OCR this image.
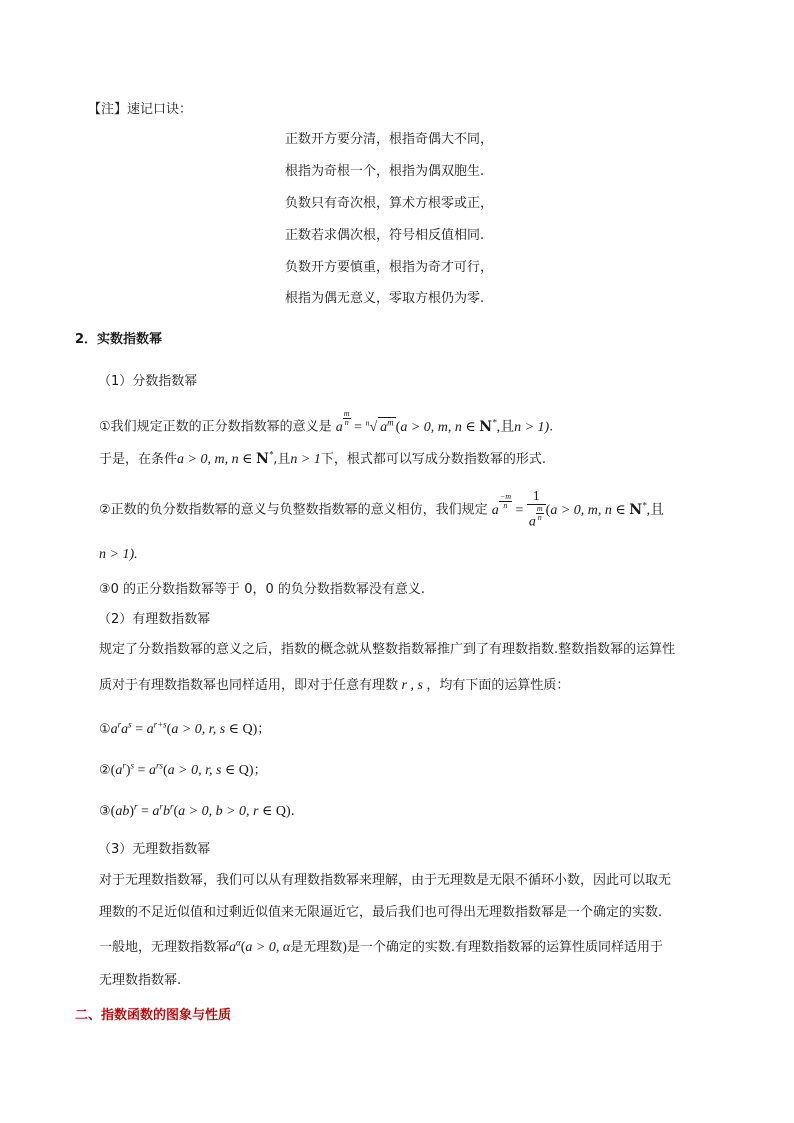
【注】速记口诀：
正数开方要分清，根指奇偶大不同，
根指为奇根一个，根指为偶双胞生.
负数只有奇次根，算术方根零或正，
正数若求偶次根，符号相反值相同.
负数开方要慎重，根指为奇才可行，
根指为偶无意义，零取方根仍为零.
2．实数指数幂
（1）分数指数幂
①我们规定正数的正分数指数幂的意义是 a
$\frac{m}{n}$
= $^n$√ $a^m$ (a > 0, m, n ∈ N*,且n > 1).
于是，在条件a > 0, m, n ∈ N*,且n > 1下，根式都可以写成分数指数幂的形式.
②正数的负分数指数幂的意义与负整数指数幂的意义相仿，我们规定 a
$\frac{-m}{n}$
= 1
a
$\frac{m}{n} (a > 0$, m, n ∈ N*,且
n > 1).
③0 的正分数指数幂等于 0，0 的负分数指数幂没有意义.
（2）有理数指数幂
规定了分数指数幂的意义之后，指数的概念就从整数指数幂推广到了有理数指数.整数指数幂的运算性
质对于有理数指数幂也同样适用，即对于任意有理数 r , s ，均有下面的运算性质：
$①a^ra^s = a^{r+s}(a > 0$, r, s ∈ Q)；
$②(a^r)^s = a^{rs}(a > 0$, r, s ∈ Q)；
③(ab)$^r$ = $a^rb^r(a > 0$, b > 0, r ∈ Q).
（3）无理数指数幂
对于无理数指数幂，我们可以从有理数指数幂来理解，由于无理数是无限不循环小数，因此可以取无
理数的不足近似值和过剩近似值来无限逼近它，最后我们也可得出无理数指数幂是一个确定的实数.
一般地，无理数指数幂$a^\alpha(a > 0$, α是无理数)是一个确定的实数.有理数指数幂的运算性质同样适用于
无理数指数幂.
二、指数函数的图象与性质
